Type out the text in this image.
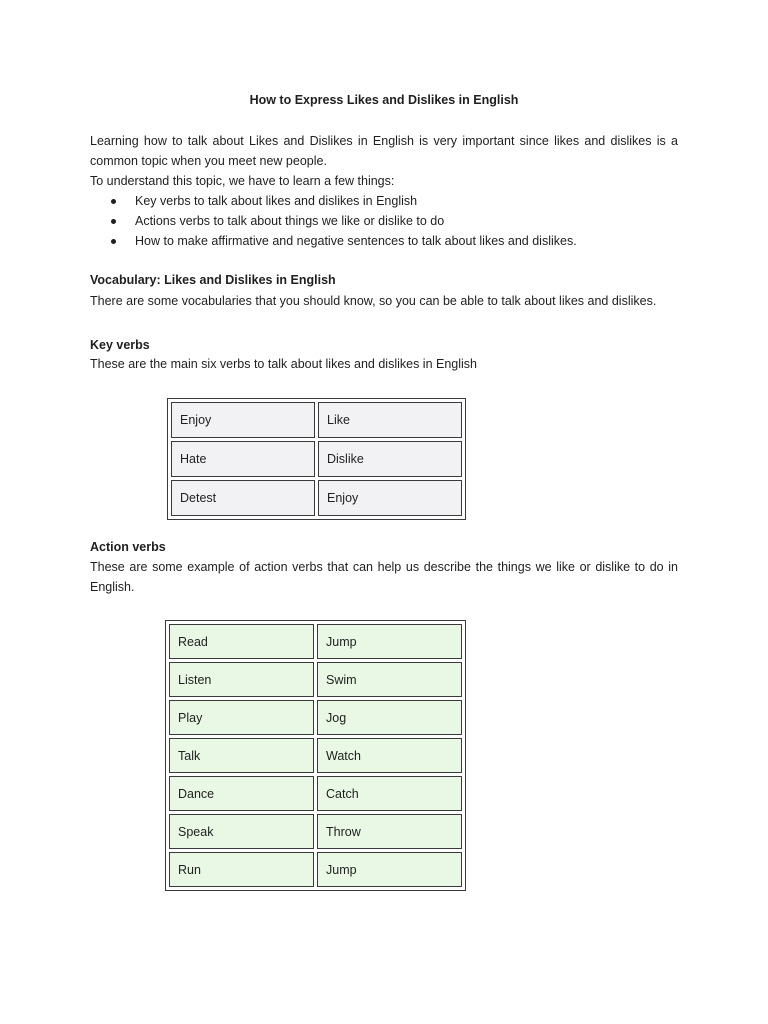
How to Express Likes and Dislikes in English
Learning how to talk about Likes and Dislikes in English is very important since likes and dislikes is a common topic when you meet new people.
To understand this topic, we have to learn a few things:
Key verbs to talk about likes and dislikes in English
Actions verbs to talk about things we like or dislike to do
How to make affirmative and negative sentences to talk about likes and dislikes.
Vocabulary: Likes and Dislikes in English
There are some vocabularies that you should know, so you can be able to talk about likes and dislikes.
Key verbs
These are the main six verbs to talk about likes and dislikes in English
Enjoy	Like
Hate	Dislike
Detest	Enjoy
Action verbs
These are some example of action verbs that can help us describe the things we like or dislike to do in English.
Read	Jump
Listen	Swim
Play	Jog
Talk	Watch
Dance	Catch
Speak	Throw
Run	Jump
